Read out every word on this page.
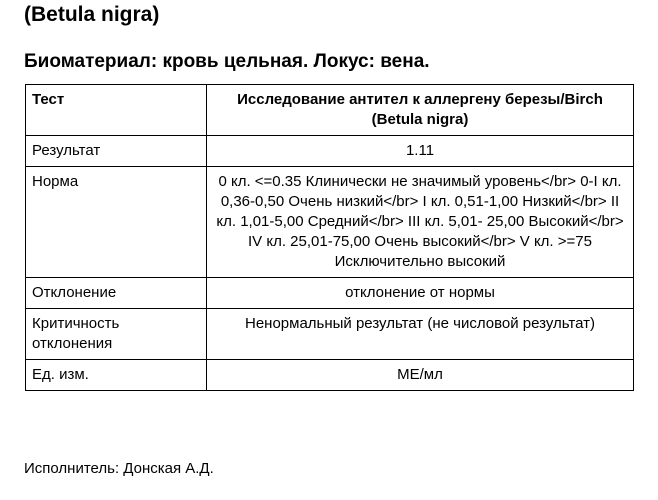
(Betula nigra)
Биоматериал: кровь цельная. Локус: вена.
Тест	Исследование антител к аллергену березы/Birch (Betula nigra)
Результат	1.11
Норма	0 кл. <=0.35 Клинически не значимый уровень</br> 0-I кл. 0,36-0,50 Очень низкий</br> I кл. 0,51-1,00 Низкий</br> II кл. 1,01-5,00 Средний</br> III кл. 5,01- 25,00 Высокий</br> IV кл. 25,01-75,00 Очень высокий</br> V кл. >=75 Исключительно высокий
Отклонение	отклонение от нормы
Критичность отклонения	Ненормальный результат (не числовой результат)
Ед. изм.	МЕ/мл
Исполнитель: Донская А.Д.
